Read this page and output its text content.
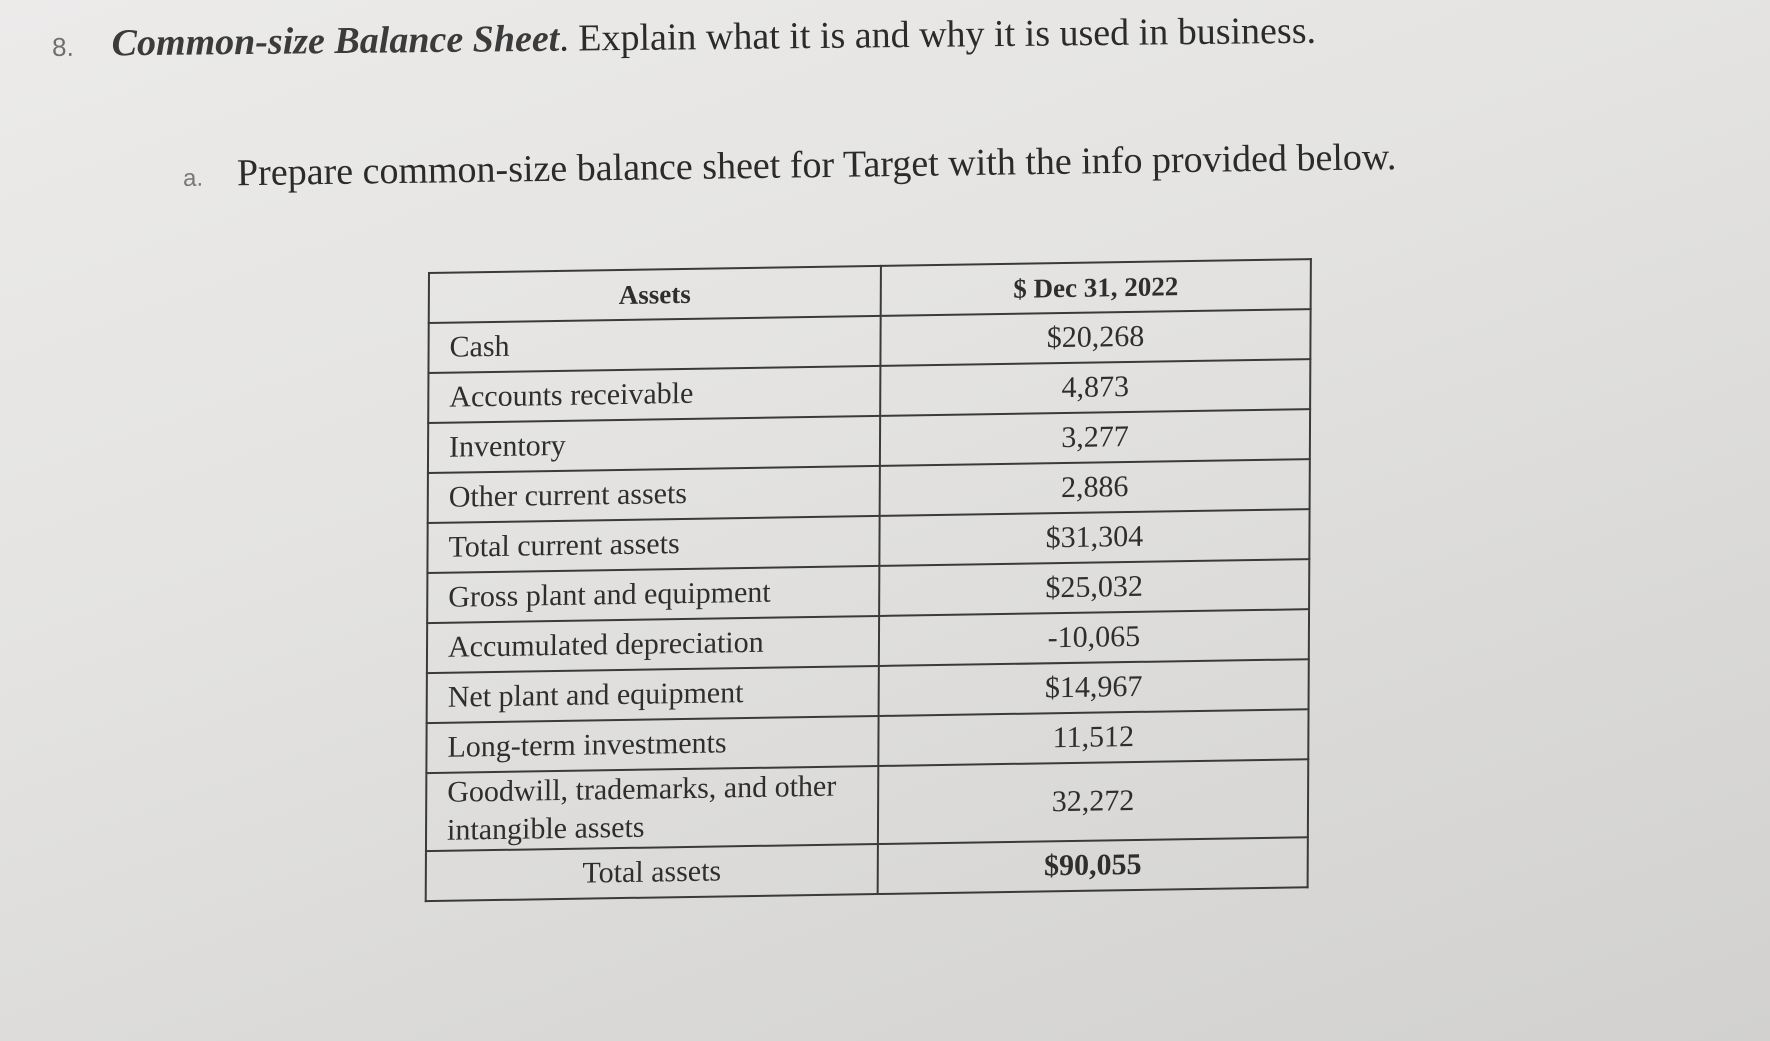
8. Common-size Balance Sheet. Explain what it is and why it is used in business.
a. Prepare common-size balance sheet for Target with the info provided below.
Assets	$ Dec 31, 2022
Cash	$20,268
Accounts receivable	4,873
Inventory	3,277
Other current assets	2,886
Total current assets	$31,304
Gross plant and equipment	$25,032
Accumulated depreciation	-10,065
Net plant and equipment	$14,967
Long-term investments	11,512
Goodwill, trademarks, and other intangible assets	32,272
Total assets	$90,055
